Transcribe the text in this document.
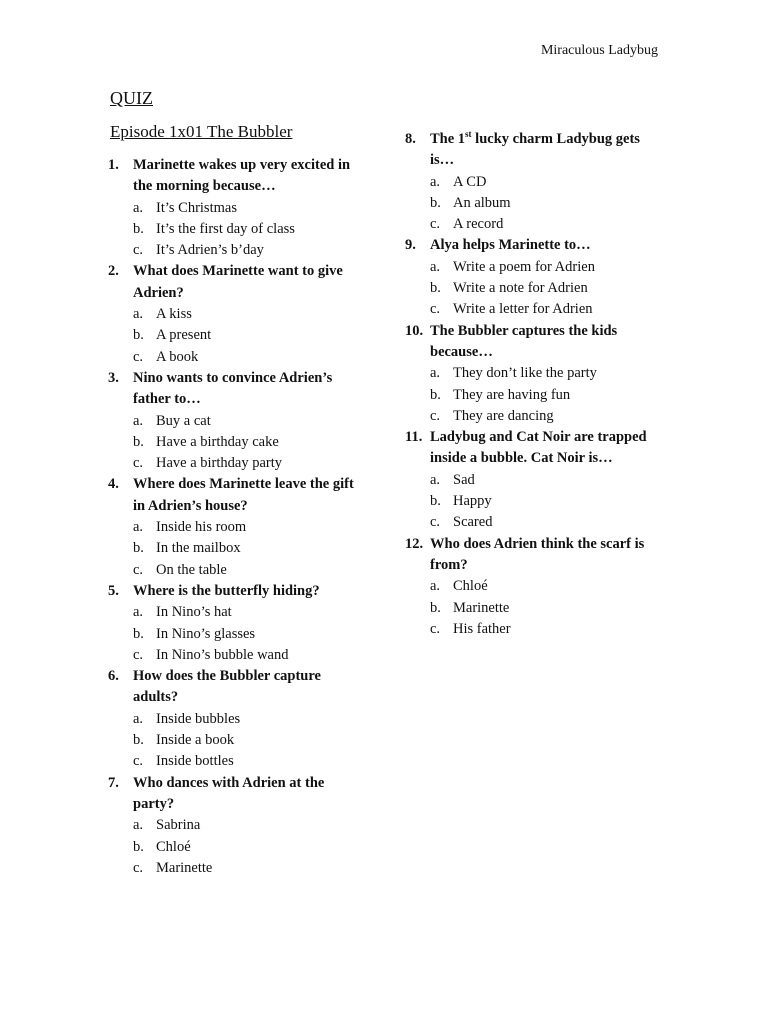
Miraculous Ladybug
QUIZ
Episode 1x01 The Bubbler
1. Marinette wakes up very excited in the morning because…
a. It’s Christmas
b. It’s the first day of class
c. It’s Adrien’s b’day
2. What does Marinette want to give Adrien?
a. A kiss
b. A present
c. A book
3. Nino wants to convince Adrien’s father to…
a. Buy a cat
b. Have a birthday cake
c. Have a birthday party
4. Where does Marinette leave the gift in Adrien’s house?
a. Inside his room
b. In the mailbox
c. On the table
5. Where is the butterfly hiding?
a. In Nino’s hat
b. In Nino’s glasses
c. In Nino’s bubble wand
6. How does the Bubbler capture adults?
a. Inside bubbles
b. Inside a book
c. Inside bottles
7. Who dances with Adrien at the party?
a. Sabrina
b. Chloé
c. Marinette
8. The 1st lucky charm Ladybug gets is…
a. A CD
b. An album
c. A record
9. Alya helps Marinette to…
a. Write a poem for Adrien
b. Write a note for Adrien
c. Write a letter for Adrien
10. The Bubbler captures the kids because…
a. They don’t like the party
b. They are having fun
c. They are dancing
11. Ladybug and Cat Noir are trapped inside a bubble. Cat Noir is…
a. Sad
b. Happy
c. Scared
12. Who does Adrien think the scarf is from?
a. Chloé
b. Marinette
c. His father
